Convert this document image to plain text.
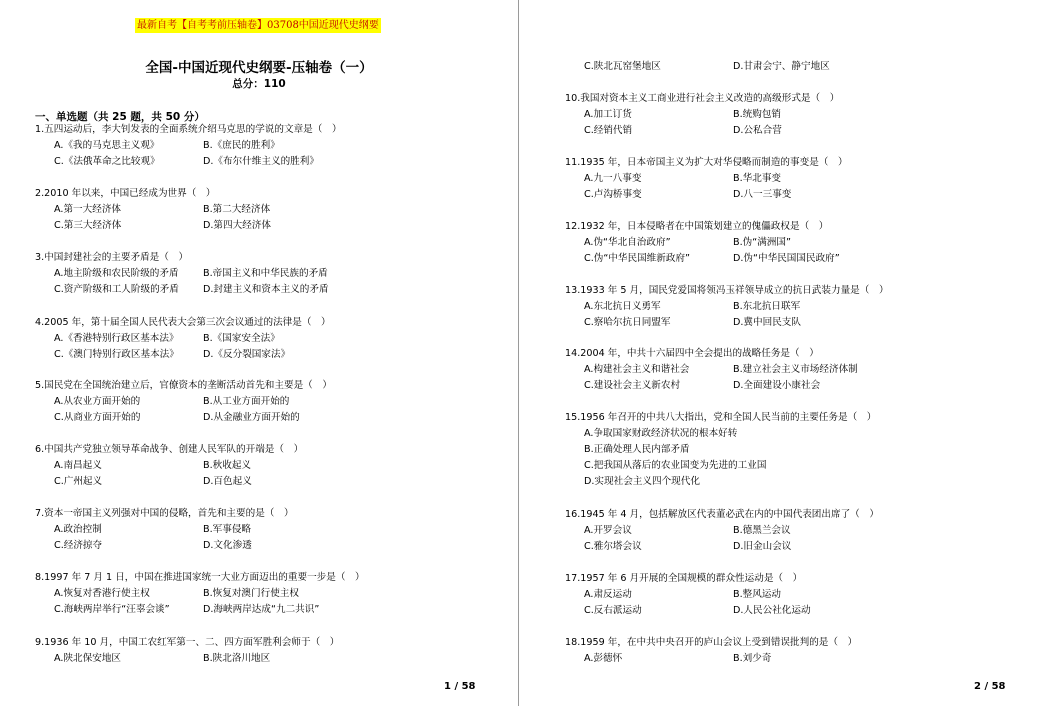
最新自考【自考考前压轴卷】03708中国近现代史纲要
全国-中国近现代史纲要-压轴卷（一）
总分：110
一、单选题（共 25 题，共 50 分）
1.五四运动后，李大钊发表的全面系统介绍马克思的学说的文章是（　）
A.《我的马克思主义观》	B.《庶民的胜利》
C.《法俄革命之比较观》	D.《布尔什维主义的胜利》
2.2010 年以来，中国已经成为世界（　）
A.第一大经济体	B.第二大经济体
C.第三大经济体	D.第四大经济体
3.中国封建社会的主要矛盾是（　）
A.地主阶级和农民阶级的矛盾	B.帝国主义和中华民族的矛盾
C.资产阶级和工人阶级的矛盾	D.封建主义和资本主义的矛盾
4.2005 年，第十届全国人民代表大会第三次会议通过的法律是（　）
A.《香港特别行政区基本法》	B.《国家安全法》
C.《澳门特别行政区基本法》	D.《反分裂国家法》
5.国民党在全国统治建立后，官僚资本的垄断活动首先和主要是（　）
A.从农业方面开始的	B.从工业方面开始的
C.从商业方面开始的	D.从金融业方面开始的
6.中国共产党独立领导革命战争、创建人民军队的开端是（　）
A.南昌起义	B.秋收起义
C.广州起义	D.百色起义
7.资本一帝国主义列强对中国的侵略，首先和主要的是（　）
A.政治控制	B.军事侵略
C.经济掠夺	D.文化渗透
8.1997 年 7 月 1 日，中国在推进国家统一大业方面迈出的重要一步是（　）
A.恢复对香港行使主权	B.恢复对澳门行使主权
C.海峡两岸举行“汪辜会谈”	D.海峡两岸达成“九二共识”
9.1936 年 10 月，中国工农红军第一、二、四方面军胜利会师于（　）
A.陕北保安地区	B.陕北洛川地区
1 / 58
C.陕北瓦窑堡地区	D.甘肃会宁、静宁地区
10.我国对资本主义工商业进行社会主义改造的高级形式是（　）
A.加工订货	B.统购包销
C.经销代销	D.公私合营
11.1935 年，日本帝国主义为扩大对华侵略而制造的事变是（　）
A.九一八事变	B.华北事变
C.卢沟桥事变	D.八一三事变
12.1932 年，日本侵略者在中国策划建立的傀儡政权是（　）
A.伪“华北自治政府”	B.伪“满洲国”
C.伪“中华民国维新政府”	D.伪“中华民国国民政府”
13.1933 年 5 月，国民党爱国将领冯玉祥领导成立的抗日武装力量是（　）
A.东北抗日义勇军	B.东北抗日联军
C.察哈尔抗日同盟军	D.冀中回民支队
14.2004 年，中共十六届四中全会提出的战略任务是（　）
A.构建社会主义和谐社会	B.建立社会主义市场经济体制
C.建设社会主义新农村	D.全面建设小康社会
15.1956 年召开的中共八大指出，党和全国人民当前的主要任务是（　）
A.争取国家财政经济状况的根本好转
B.正确处理人民内部矛盾
C.把我国从落后的农业国变为先进的工业国
D.实现社会主义四个现代化
16.1945 年 4 月，包括解放区代表董必武在内的中国代表团出席了（　）
A.开罗会议	B.德黑兰会议
C.雅尔塔会议	D.旧金山会议
17.1957 年 6 月开展的全国规模的群众性运动是（　）
A.肃反运动	B.整风运动
C.反右派运动	D.人民公社化运动
18.1959 年，在中共中央召开的庐山会议上受到错误批判的是（　）
A.彭德怀	B.刘少奇
2 / 58
